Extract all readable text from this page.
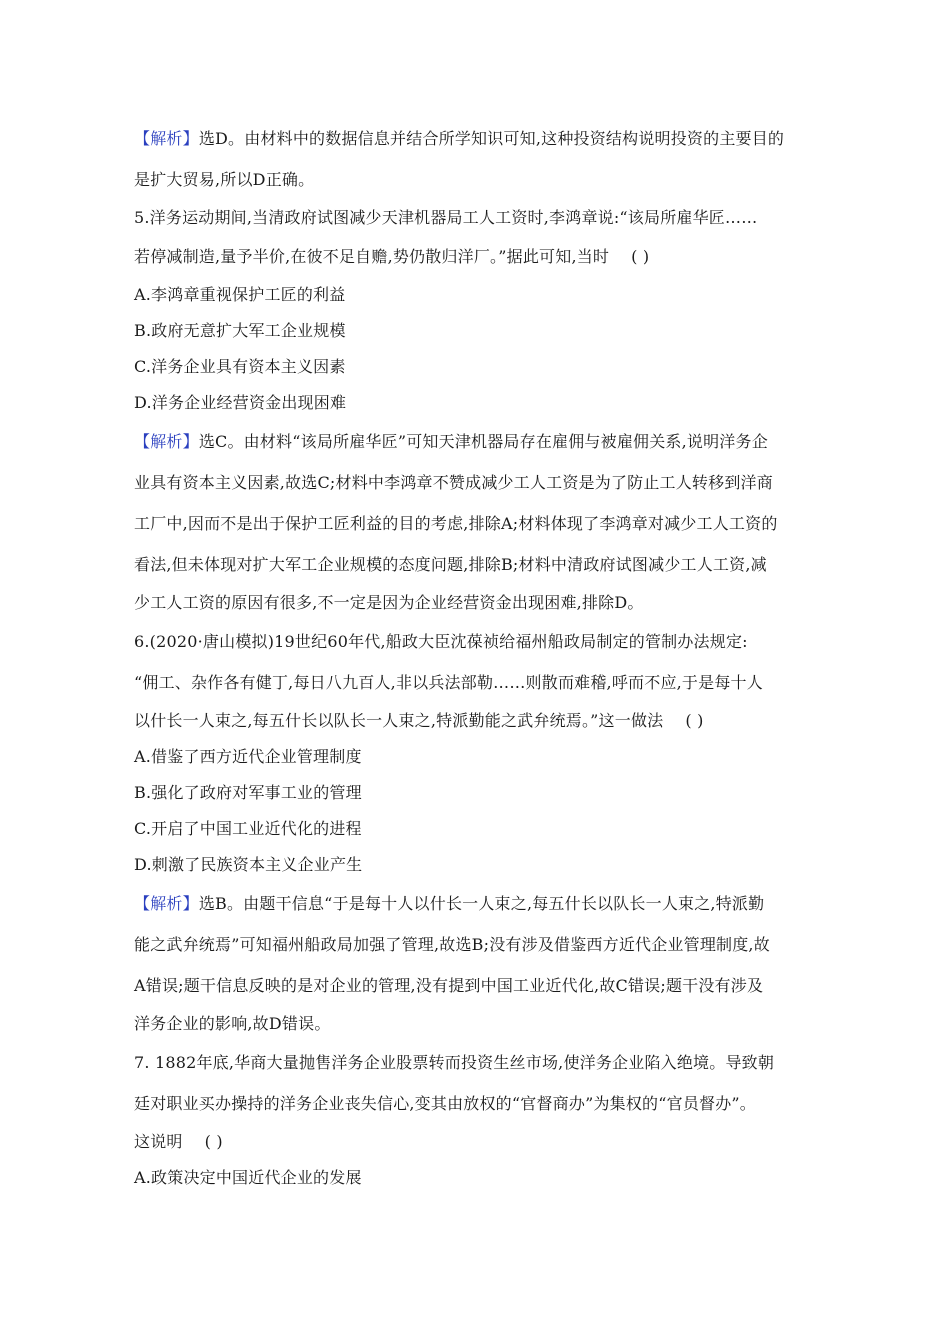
【解析】选D。由材料中的数据信息并结合所学知识可知,这种投资结构说明投资的主要目的
是扩大贸易,所以D正确。
5.洋务运动期间,当清政府试图减少天津机器局工人工资时,李鸿章说:“该局所雇华匠……
若停减制造,量予半价,在彼不足自赡,势仍散归洋厂。”据此可知,当时 ( )
A.李鸿章重视保护工匠的利益
B.政府无意扩大军工企业规模
C.洋务企业具有资本主义因素
D.洋务企业经营资金出现困难
【解析】选C。由材料“该局所雇华匠”可知天津机器局存在雇佣与被雇佣关系,说明洋务企
业具有资本主义因素,故选C;材料中李鸿章不赞成减少工人工资是为了防止工人转移到洋商
工厂中,因而不是出于保护工匠利益的目的考虑,排除A;材料体现了李鸿章对减少工人工资的
看法,但未体现对扩大军工企业规模的态度问题,排除B;材料中清政府试图减少工人工资,减
少工人工资的原因有很多,不一定是因为企业经营资金出现困难,排除D。
6.(2020·唐山模拟)19世纪60年代,船政大臣沈葆祯给福州船政局制定的管制办法规定:
“佣工、杂作各有健丁,每日八九百人,非以兵法部勒……则散而难稽,呼而不应,于是每十人
以什长一人束之,每五什长以队长一人束之,特派勤能之武弁统焉。”这一做法 ( )
A.借鉴了西方近代企业管理制度
B.强化了政府对军事工业的管理
C.开启了中国工业近代化的进程
D.刺激了民族资本主义企业产生
【解析】选B。由题干信息“于是每十人以什长一人束之,每五什长以队长一人束之,特派勤
能之武弁统焉”可知福州船政局加强了管理,故选B;没有涉及借鉴西方近代企业管理制度,故
A错误;题干信息反映的是对企业的管理,没有提到中国工业近代化,故C错误;题干没有涉及
洋务企业的影响,故D错误。
7. 1882年底,华商大量抛售洋务企业股票转而投资生丝市场,使洋务企业陷入绝境。导致朝
廷对职业买办操持的洋务企业丧失信心,变其由放权的“官督商办”为集权的“官员督办”。
这说明 ( )
A.政策决定中国近代企业的发展
